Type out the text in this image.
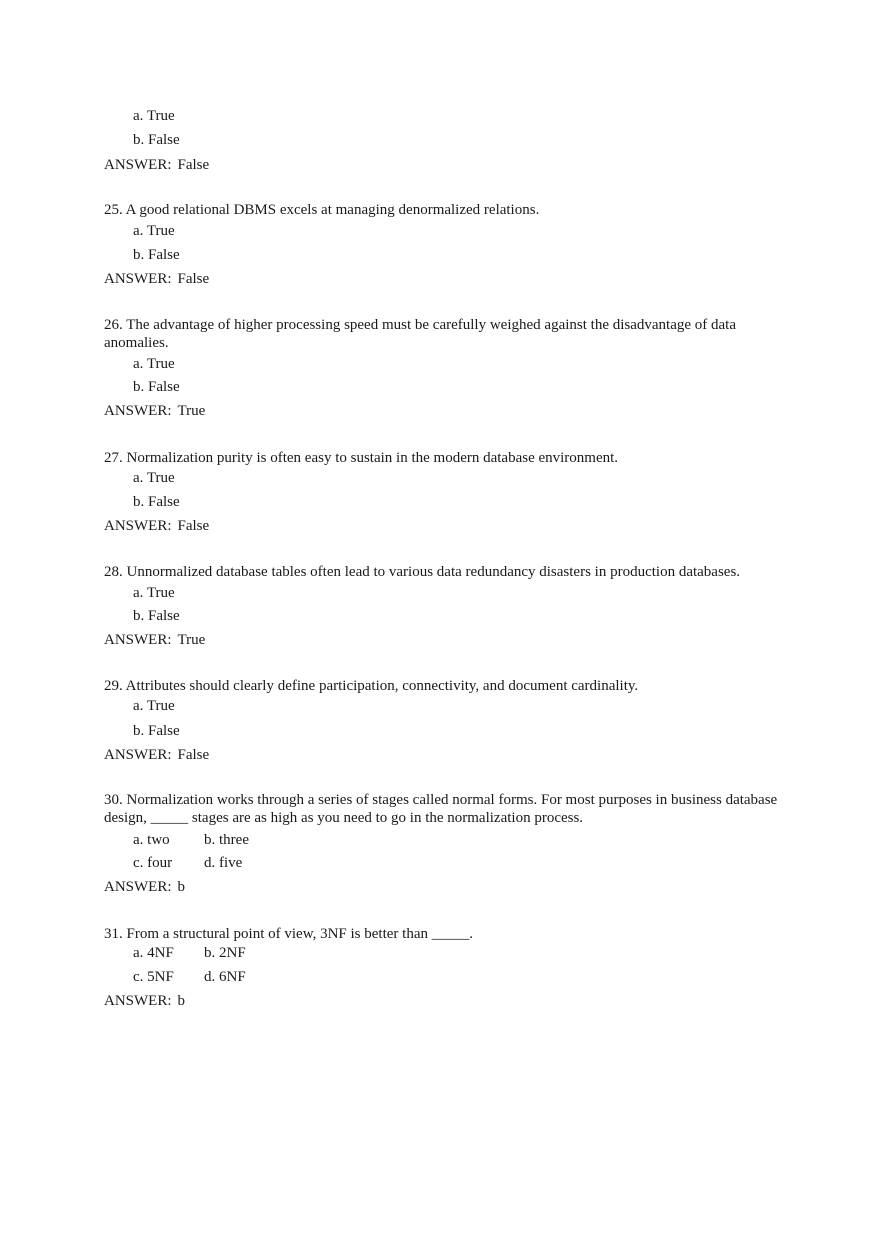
a. True
b. False
ANSWER: False
25. A good relational DBMS excels at managing denormalized relations.
a. True
b. False
ANSWER: False
26. The advantage of higher processing speed must be carefully weighed against the disadvantage of data anomalies.
a. True
b. False
ANSWER: True
27. Normalization purity is often easy to sustain in the modern database environment.
a. True
b. False
ANSWER: False
28. Unnormalized database tables often lead to various data redundancy disasters in production databases.
a. True
b. False
ANSWER: True
29. Attributes should clearly define participation, connectivity, and document cardinality.
a. True
b. False
ANSWER: False
30. Normalization works through a series of stages called normal forms. For most purposes in business database design, _____ stages are as high as you need to go in the normalization process.
a. two b. three
c. four d. five
ANSWER: b
31. From a structural point of view, 3NF is better than _____.
a. 4NF b. 2NF
c. 5NF d. 6NF
ANSWER: b
